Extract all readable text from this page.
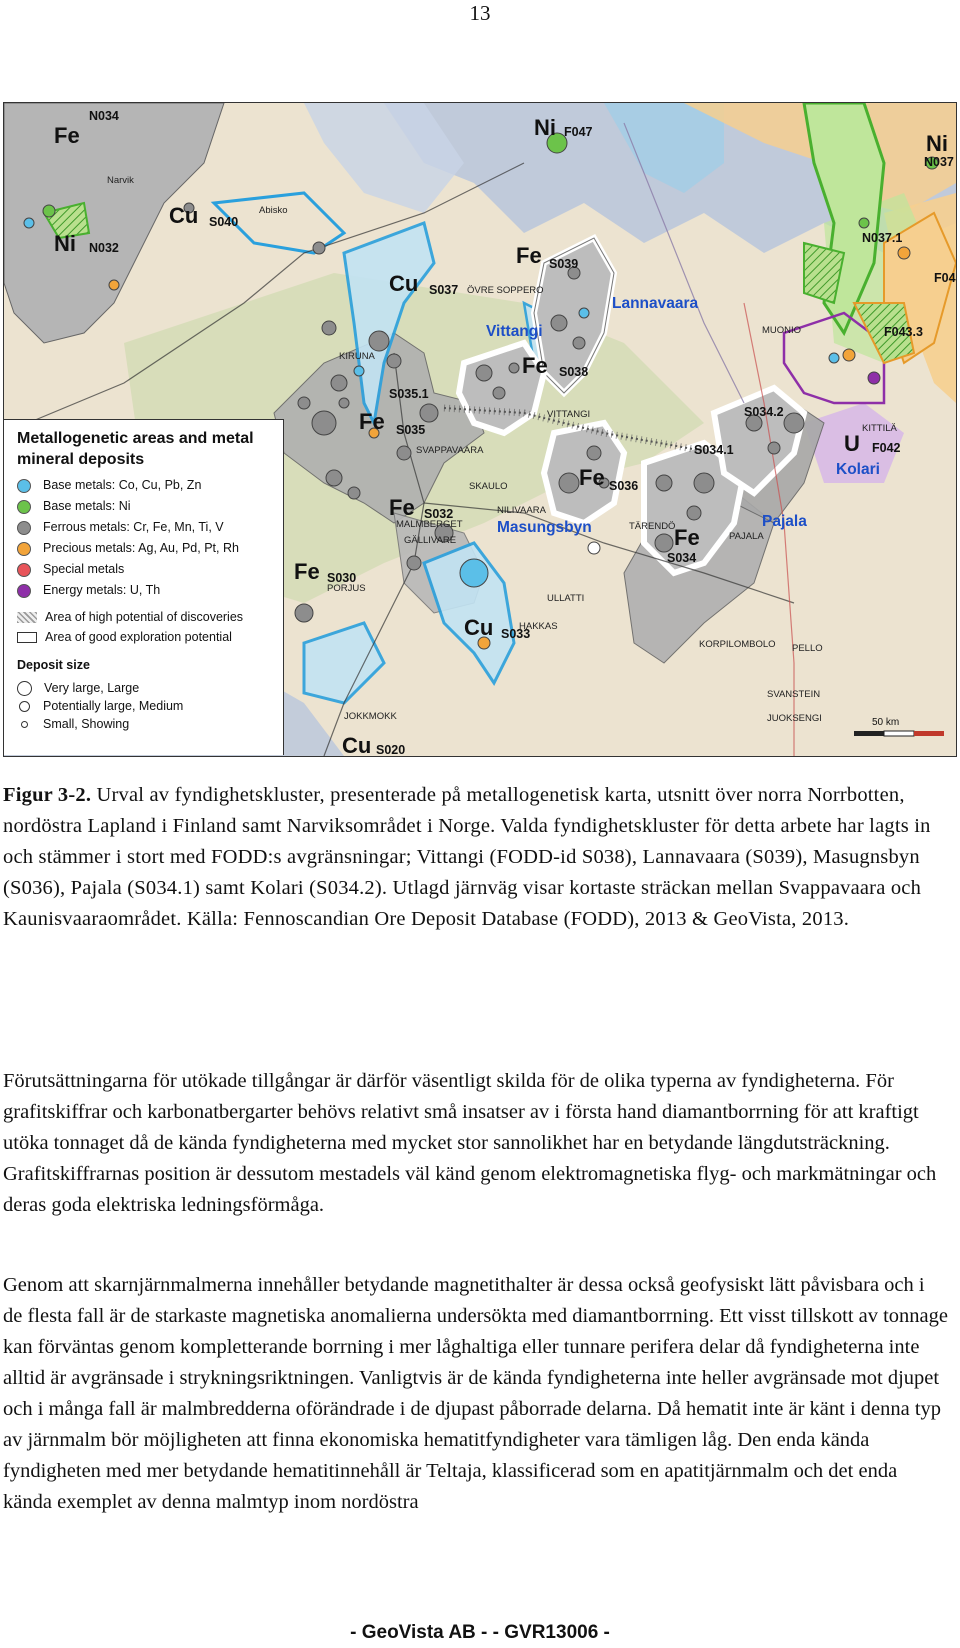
13
Fe
N034	Ni F047	Ni
N037
Cu S040
Ni N032	Fe S039
Cu S037
Fe S038
Fe S035
S035.1
Fe S036
Fe S032
Fe S030
Cu S033
Fe
S034
S034.2
S034.1	U F042
N037.1
F043.3
F04
Cu S020
Lannavaara
Vittangi
Masungsbyn	Pajala
Kolari
Narvik
Abisko
ÖVRE SOPPERO
MUONIO
KIRUNA
VITTANGI
KITTILÄ
SVAPPAVAARA
SKAULO
NILIVAARA
TÄRENDÖ
PAJALA
MALMBERGET
GÄLLIVARE
PORJUS
ULLATTI
HAKKAS
KORPILOMBOLO PELLO
SVANSTEIN
JUOKSENGI
JOKKMOKK
50 km
Metallogenetic areas and metal mineral deposits
Base metals: Co, Cu, Pb, Zn
Base metals: Ni
Ferrous metals: Cr, Fe, Mn, Ti, V
Precious metals: Ag, Au, Pd, Pt, Rh
Special metals
Energy metals: U, Th
Area of high potential of discoveries
Area of good exploration potential
Deposit size
Very large, Large
Potentially large, Medium
Small, Showing
Figur 3-2. Urval av fyndighetskluster, presenterade på metallogenetisk karta, utsnitt över norra Norrbotten, nordöstra Lapland i Finland samt Narviksområdet i Norge. Valda fyndighetskluster för detta arbete har lagts in och stämmer i stort med FODD:s avgränsningar; Vittangi (FODD-id S038), Lannavaara (S039), Masugnsbyn (S036), Pajala (S034.1) samt Kolari (S034.2). Utlagd järnväg visar kortaste sträckan mellan Svappavaara och Kaunisvaaraområdet. Källa: Fennoscandian Ore Deposit Database (FODD), 2013 & GeoVista, 2013.
Förutsättningarna för utökade tillgångar är därför väsentligt skilda för de olika typerna av fyndigheterna. För grafitskiffrar och karbonatbergarter behövs relativt små insatser av i första hand diamantborrning för att kraftigt utöka tonnaget då de kända fyndigheterna med mycket stor sannolikhet har en betydande längdutsträckning. Grafitskiffrarnas position är dessutom mestadels väl känd genom elektromagnetiska flyg- och markmätningar och deras goda elektriska ledningsförmåga.
Genom att skarnjärnmalmerna innehåller betydande magnetithalter är dessa också geofysiskt lätt påvisbara och i de flesta fall är de starkaste magnetiska anomalierna undersökta med diamantborrning. Ett visst tillskott av tonnage kan förväntas genom kompletterande borrning i mer låghaltiga eller tunnare perifera delar då fyndigheterna inte alltid är avgränsade i strykningsriktningen. Vanligtvis är de kända fyndigheterna inte heller avgränsade mot djupet och i många fall är malmbredderna oförändrade i de djupast påborrade delarna. Då hematit inte är känt i denna typ av järnmalm bör möjligheten att finna ekonomiska hematitfyndigheter vara tämligen låg. Den enda kända fyndigheten med mer betydande hematitinnehåll är Teltaja, klassificerad som en apatitjärnmalm och det enda kända exemplet av denna malmtyp inom nordöstra
- GeoVista AB - - GVR13006 -
